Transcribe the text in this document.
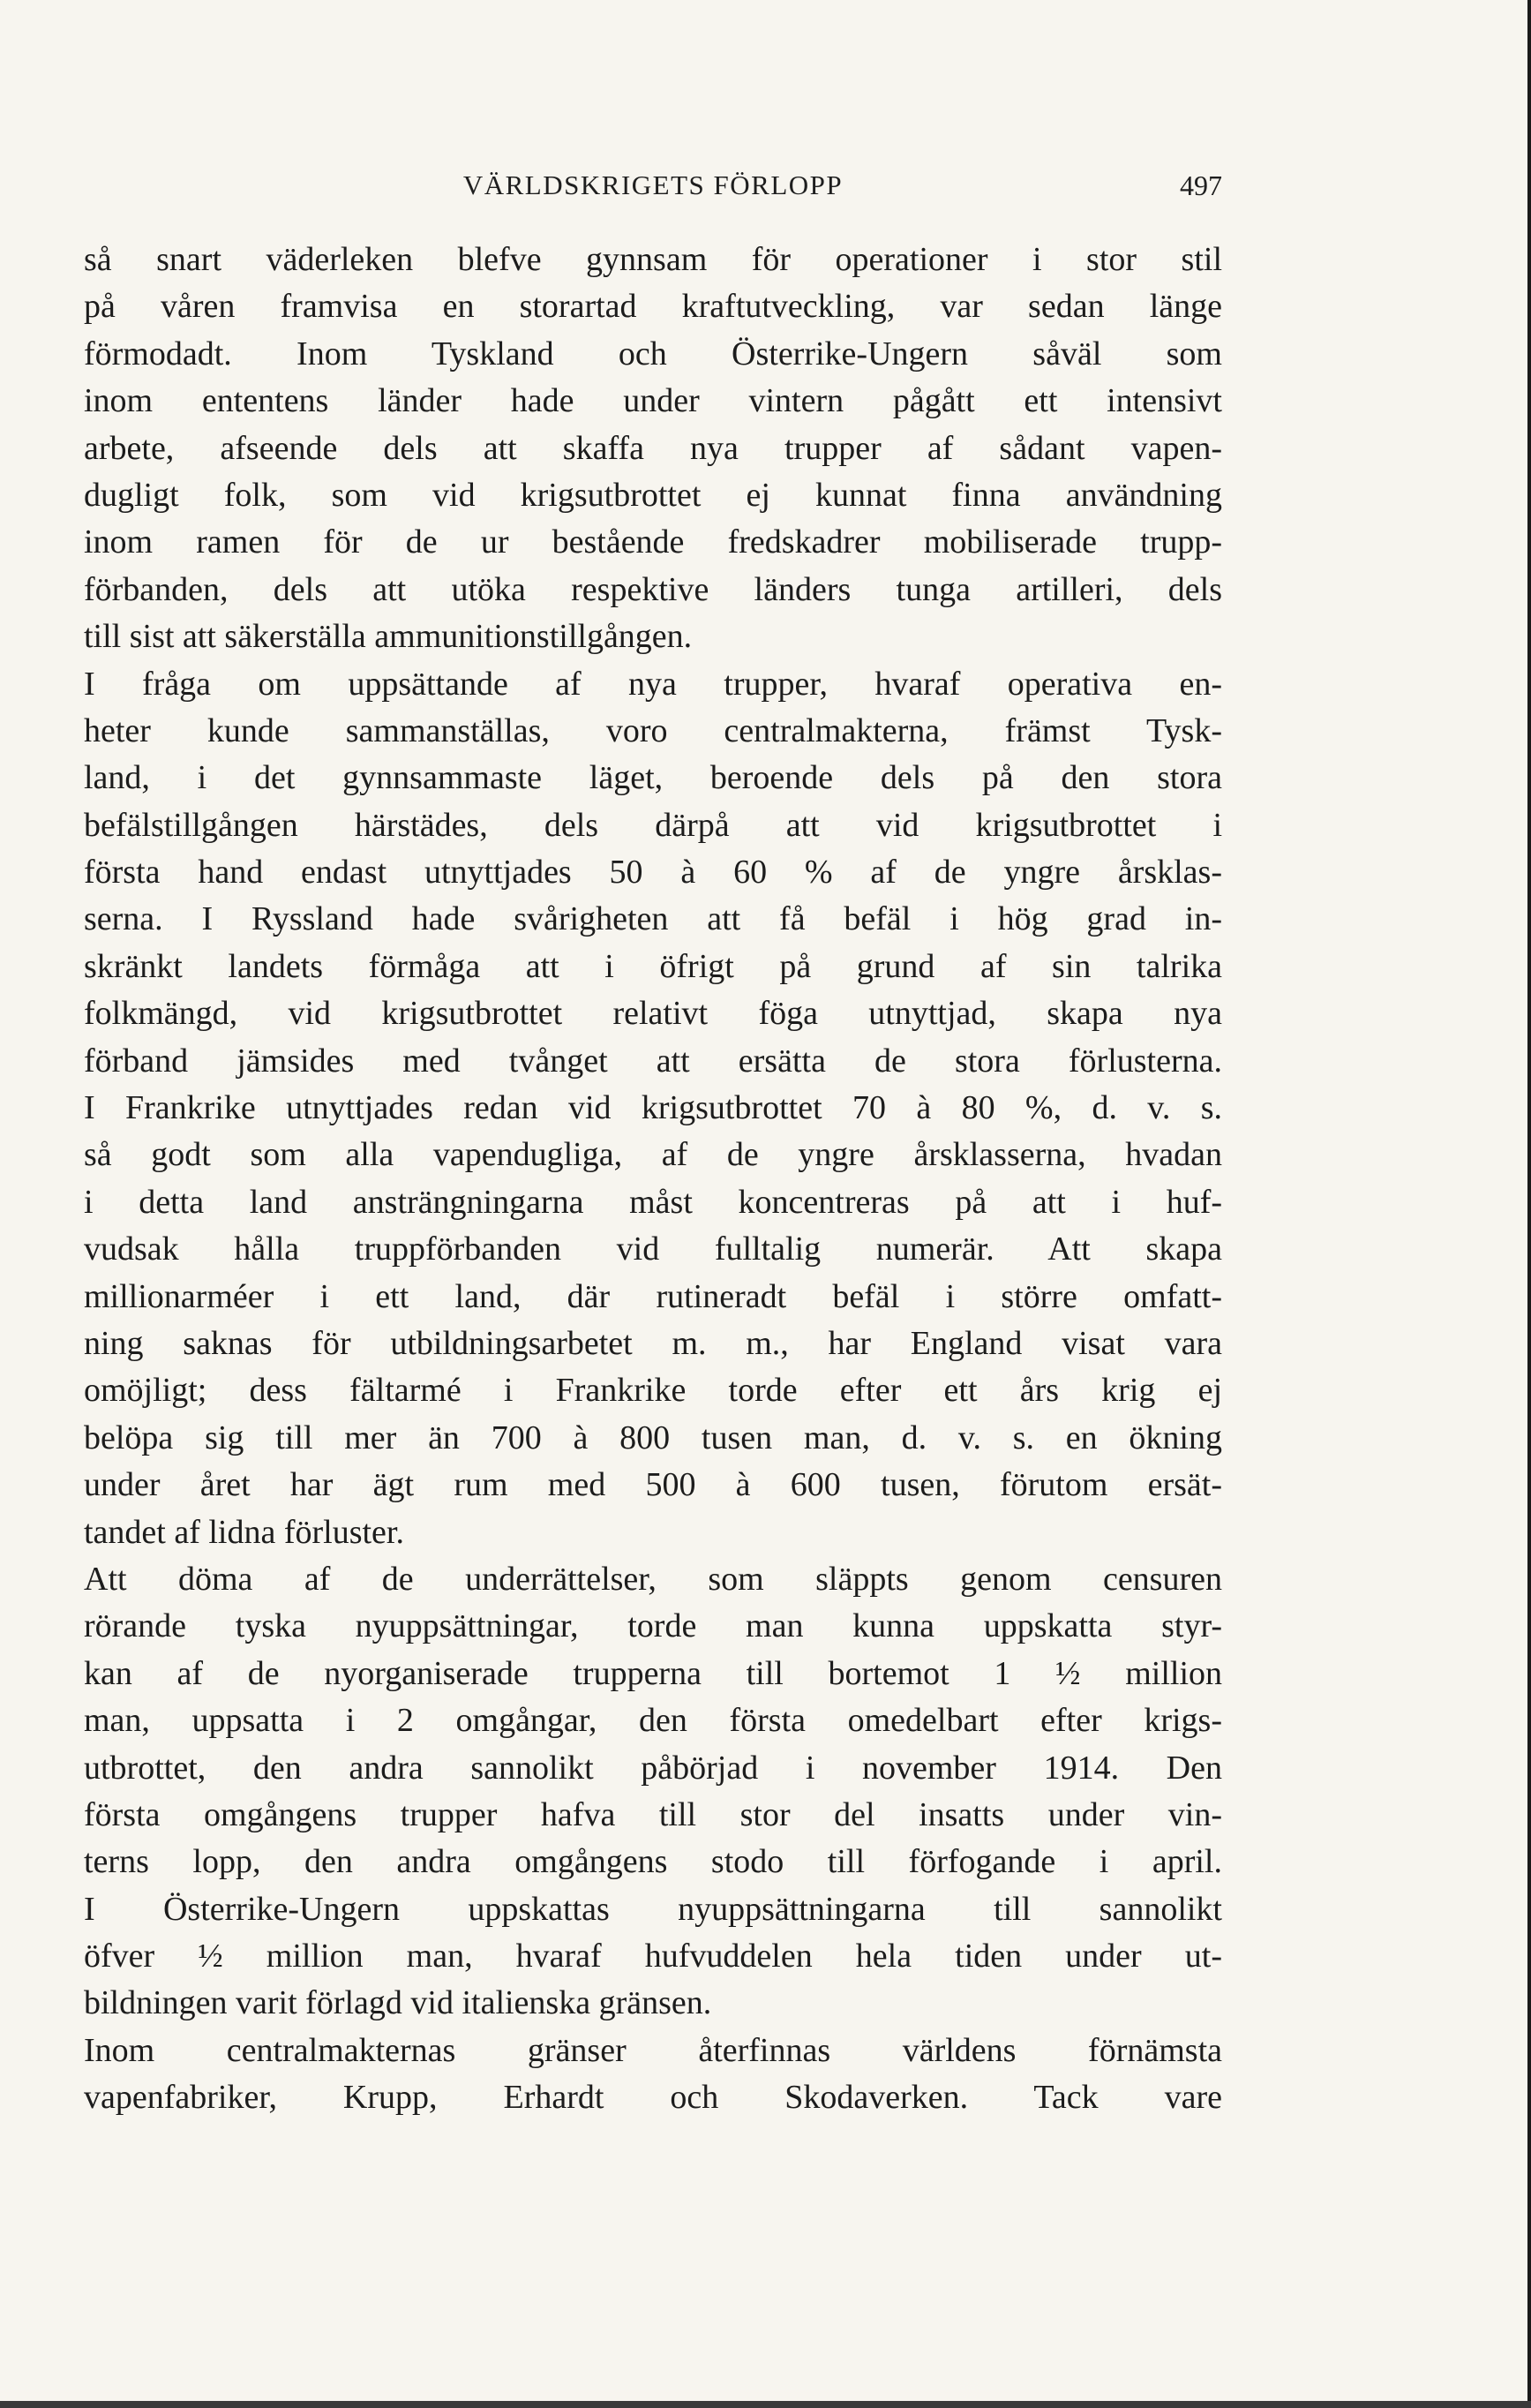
VÄRLDSKRIGETS FÖRLOPP	497
så snart väderleken blefve gynnsam för operationer i stor stil
på våren framvisa en storartad kraftutveckling, var sedan länge
förmodadt. Inom Tyskland och Österrike-Ungern såväl som
inom ententens länder hade under vintern pågått ett intensivt
arbete, afseende dels att skaffa nya trupper af sådant vapen-
dugligt folk, som vid krigsutbrottet ej kunnat finna användning
inom ramen för de ur bestående fredskadrer mobiliserade trupp-
förbanden, dels att utöka respektive länders tunga artilleri, dels
till sist att säkerställa ammunitionstillgången.
I fråga om uppsättande af nya trupper, hvaraf operativa en-
heter kunde sammanställas, voro centralmakterna, främst Tysk-
land, i det gynnsammaste läget, beroende dels på den stora
befälstillgången härstädes, dels därpå att vid krigsutbrottet i
första hand endast utnyttjades 50 à 60 % af de yngre årsklas-
serna. I Ryssland hade svårigheten att få befäl i hög grad in-
skränkt landets förmåga att i öfrigt på grund af sin talrika
folkmängd, vid krigsutbrottet relativt föga utnyttjad, skapa nya
förband jämsides med tvånget att ersätta de stora förlusterna.
I Frankrike utnyttjades redan vid krigsutbrottet 70 à 80 %, d. v. s.
så godt som alla vapendugliga, af de yngre årsklasserna, hvadan
i detta land ansträngningarna måst koncentreras på att i huf-
vudsak hålla truppförbanden vid fulltalig numerär. Att skapa
millionarméer i ett land, där rutineradt befäl i större omfatt-
ning saknas för utbildningsarbetet m. m., har England visat vara
omöjligt; dess fältarmé i Frankrike torde efter ett års krig ej
belöpa sig till mer än 700 à 800 tusen man, d. v. s. en ökning
under året har ägt rum med 500 à 600 tusen, förutom ersät-
tandet af lidna förluster.
Att döma af de underrättelser, som släppts genom censuren
rörande tyska nyuppsättningar, torde man kunna uppskatta styr-
kan af de nyorganiserade trupperna till bortemot 1 ½ million
man, uppsatta i 2 omgångar, den första omedelbart efter krigs-
utbrottet, den andra sannolikt påbörjad i november 1914. Den
första omgångens trupper hafva till stor del insatts under vin-
terns lopp, den andra omgångens stodo till förfogande i april.
I Österrike-Ungern uppskattas nyuppsättningarna till sannolikt
öfver ½ million man, hvaraf hufvuddelen hela tiden under ut-
bildningen varit förlagd vid italienska gränsen.
Inom centralmakternas gränser återfinnas världens förnämsta
vapenfabriker, Krupp, Erhardt och Skodaverken. Tack vare
